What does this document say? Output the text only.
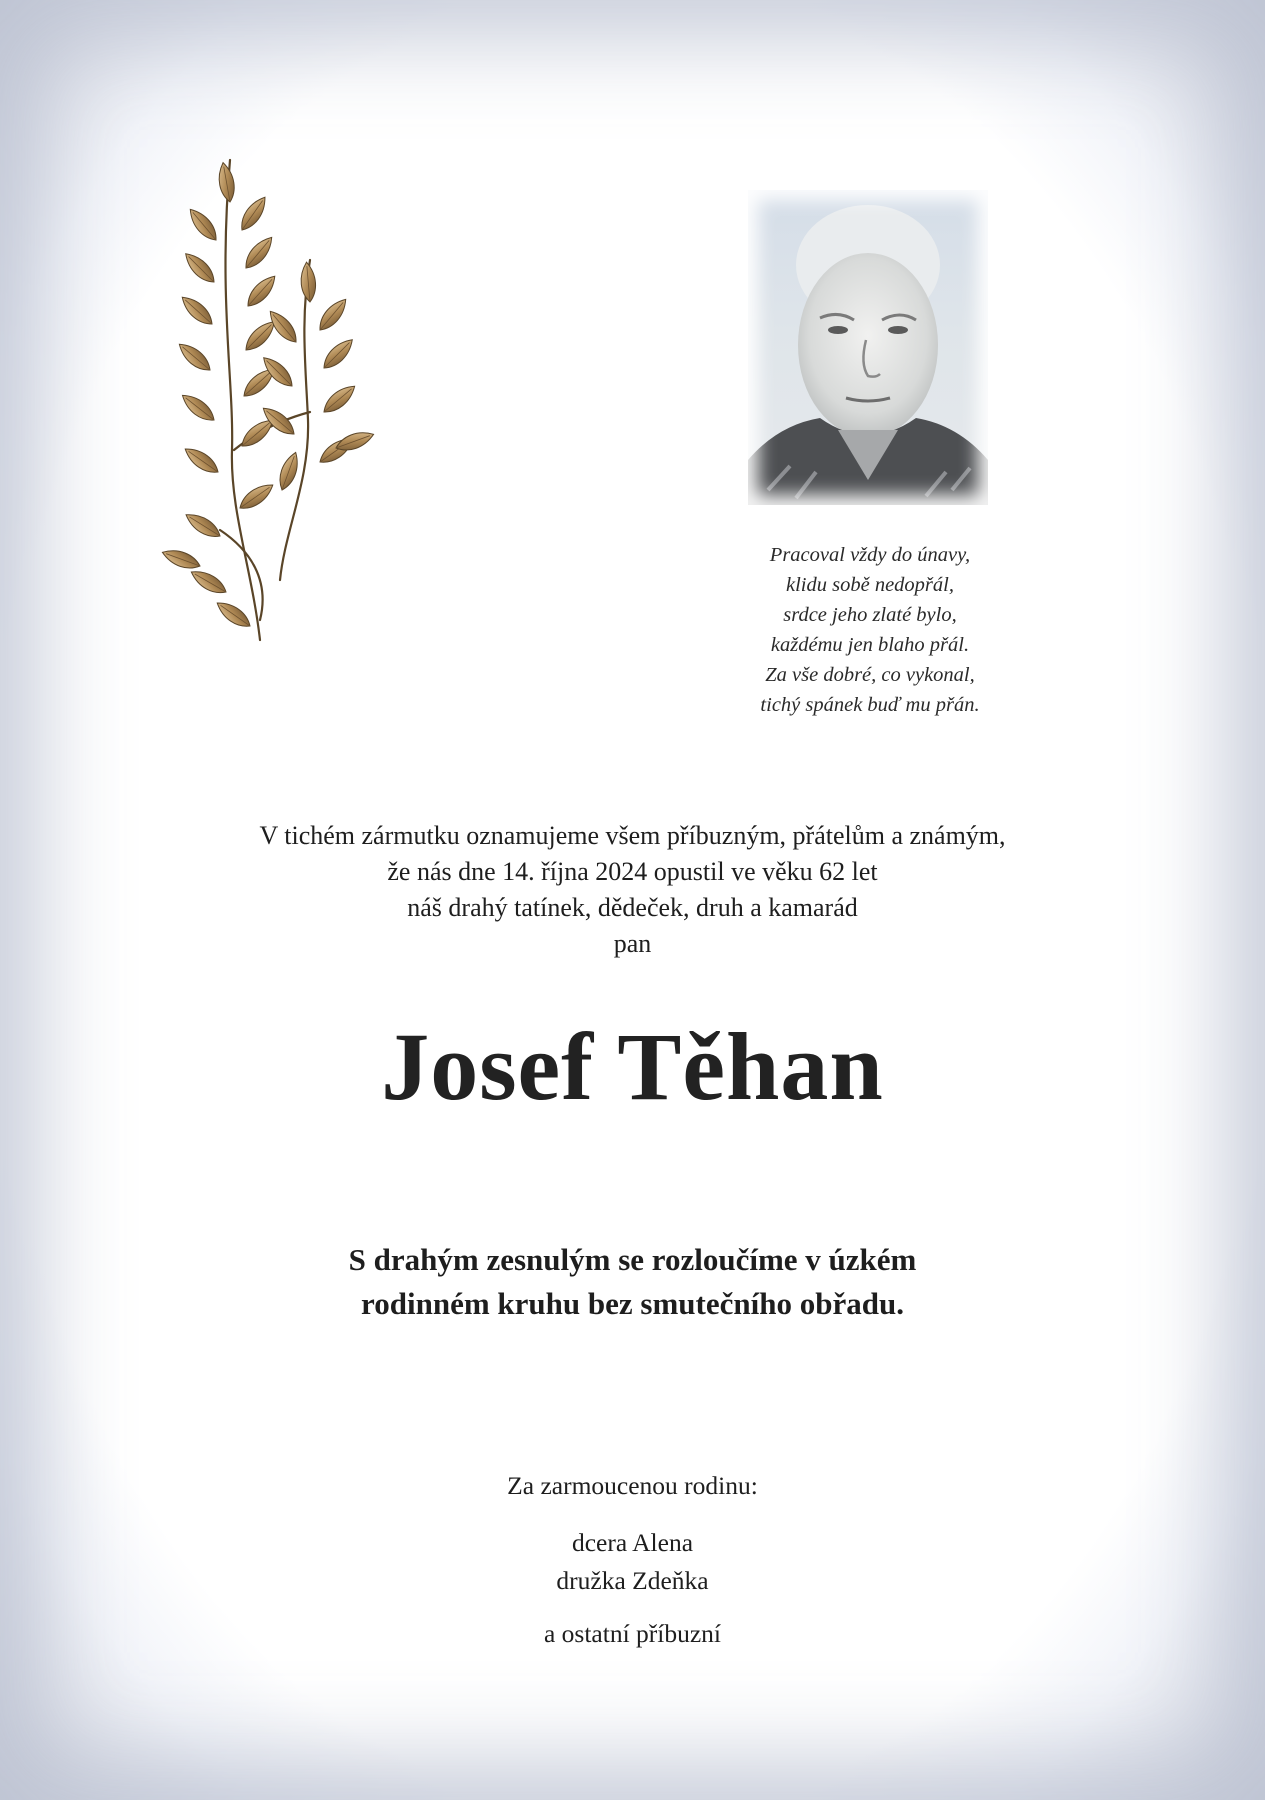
Pracoval vždy do únavy,
klidu sobě nedopřál,
srdce jeho zlaté bylo,
každému jen blaho přál.
Za vše dobré, co vykonal,
tichý spánek buď mu přán.
V tichém zármutku oznamujeme všem příbuzným, přátelům a známým,
že nás dne 14. října 2024 opustil ve věku 62 let
náš drahý tatínek, dědeček, druh a kamarád
pan
Josef Těhan
S drahým zesnulým se rozloučíme v úzkém
rodinném kruhu bez smutečního obřadu.
Za zarmoucenou rodinu:
dcera Alena
družka Zdeňka
a ostatní příbuzní
